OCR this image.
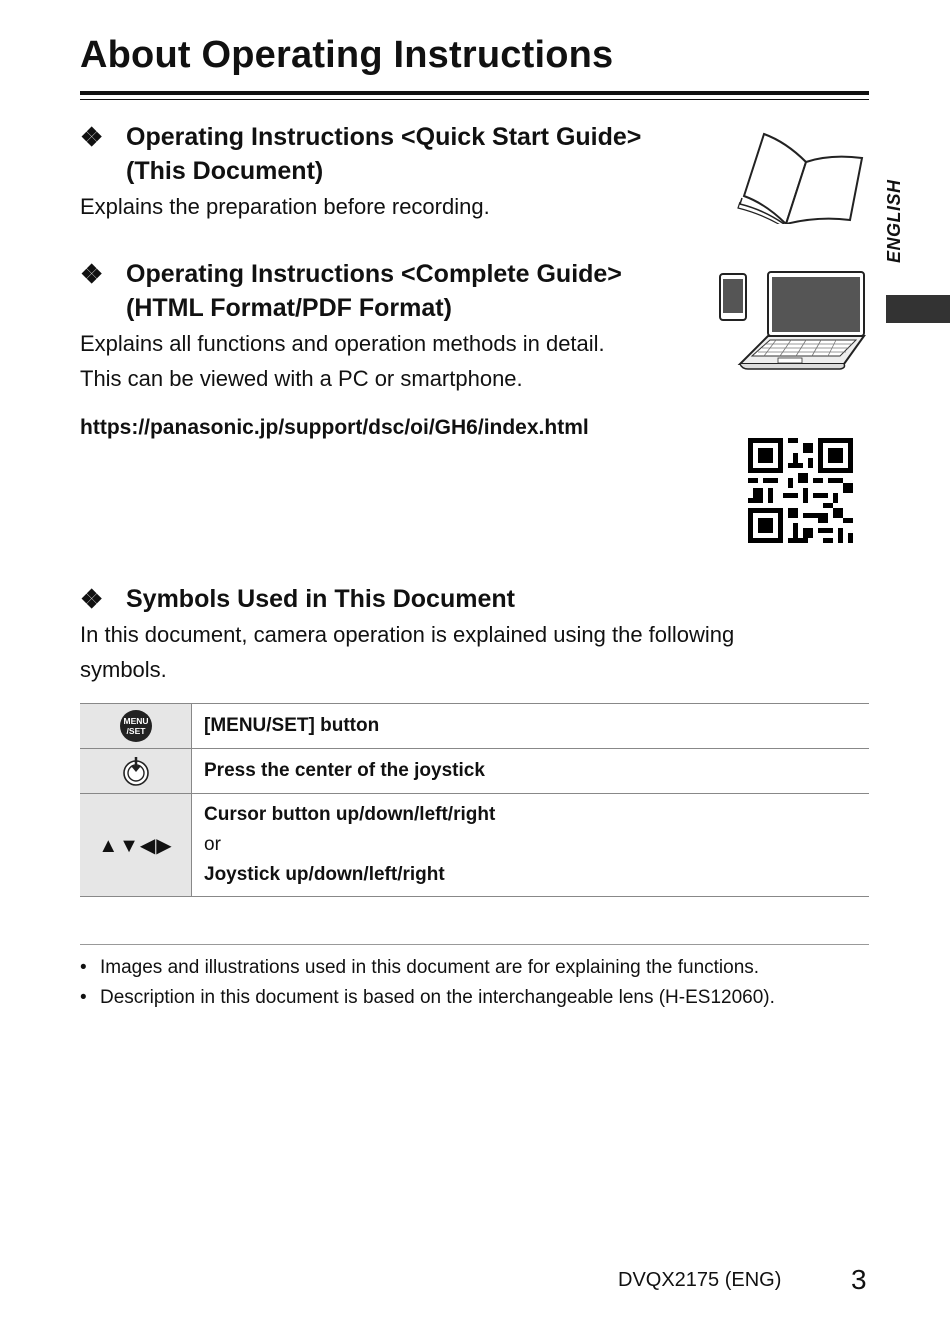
About Operating Instructions
ENGLISH
❖ Operating Instructions <Quick Start Guide>
(This Document)
Explains the preparation before recording.
❖ Operating Instructions <Complete Guide>
(HTML Format/PDF Format)
Explains all functions and operation methods in detail.
This can be viewed with a PC or smartphone.
https://panasonic.jp/support/dsc/oi/GH6/index.html
❖ Symbols Used in This Document
In this document, camera operation is explained using the following
symbols.
MENU
/SET	[MENU/SET] button
	Press the center of the joystick
▲▼◀▶	Cursor button up/down/left/right
or
Joystick up/down/left/right
• Images and illustrations used in this document are for explaining the functions.
• Description in this document is based on the interchangeable lens (H-ES12060).
DVQX2175 (ENG) 3
